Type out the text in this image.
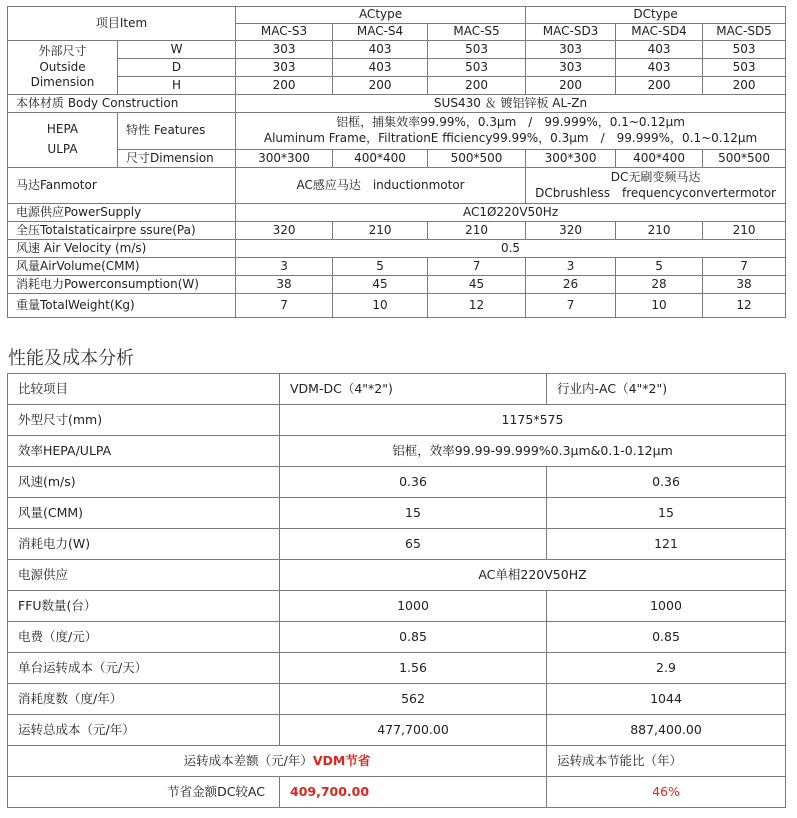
项目Item		ACtype			DCtype		
		MAC-S3	MAC-S4	MAC-S5	MAC-SD3	MAC-SD4	MAC-SD5

外部尺寸
Outside
Dimension	W	303	403	503	303	403	503
	D	303	403	503	303	403	503
	H	200	200	200	200	200	200
本体材质 Body Construction		SUS430 ＆ 镀铝锌板 AL-Zn					

HEPA
ULPA	特性 Features	铝框，捕集效率99.99%，0.3μm　/　99.999%，0.1~0.12μm
Aluminum Frame，FiltrationE fficiency99.99%，0.3μm　/　99.999%，0.1~0.12μm					

	尺寸Dimension	300*300	400*400	500*500	300*300	400*400	500*500
马达Fanmotor		AC感应马达　inductionmotor			DC无刷变频马达
DCbrushless　frequencyconvertermotor		

电源供应PowerSupply		AC1Ø220V50Hz					
全压Totalstaticairpre ssure(Pa)		320	210	210	320	210	210
风速 Air Velocity (m/s)		0.5					
风量AirVolume(CMM)		3	5	7	3	5	7
消耗电力Powerconsumption(W)		38	45	45	26	28	38
重量TotalWeight(Kg)		7	10	12	7	10	12
性能及成本分析
比较项目	VDM-DC（4"*2")	行业内-AC（4"*2")
外型尺寸(mm)	1175*575	
效率HEPA/ULPA	铝框，效率99.99-99.999%0.3μm&0.1-0.12μm	
风速(m/s)	0.36	0.36
风量(CMM)	15	15
消耗电力(W)	65	121
电源供应	AC单相220V50HZ	
FFU数量(台）	1000	1000
电费（度/元）	0.85	0.85
单台运转成本（元/天）	1.56	2.9
消耗度数（度/年）	562	1044
运转总成本（元/年）	477,700.00	887,400.00
运转成本差额（元/年）VDM节省		运转成本节能比（年）
节省金额DC较AC	409,700.00	46%
